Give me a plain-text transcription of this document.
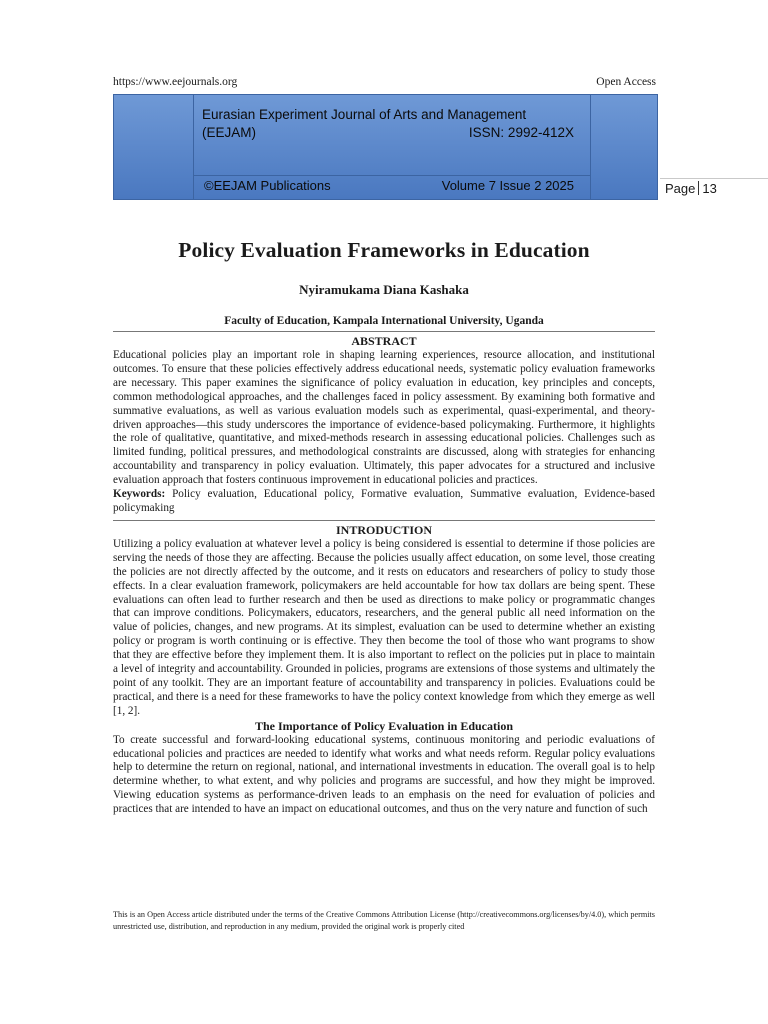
https://www.eejournals.org	Open Access
Eurasian Experiment Journal of Arts and Management
(EEJAM)	ISSN: 2992-412X
©EEJAM Publications	Volume 7 Issue 2 2025	Page 13
Policy Evaluation Frameworks in Education
Nyiramukama Diana Kashaka
Faculty of Education, Kampala International University, Uganda
ABSTRACT

Educational policies play an important role in shaping learning experiences, resource allocation, and institutional outcomes. To ensure that these policies effectively address educational needs, systematic policy evaluation frameworks are necessary. This paper examines the significance of policy evaluation in education, key principles and concepts, common methodological approaches, and the challenges faced in policy assessment. By examining both formative and summative evaluations, as well as various evaluation models such as experimental, quasi-experimental, and theory-driven approaches—this study underscores the importance of evidence-based policymaking. Furthermore, it highlights the role of qualitative, quantitative, and mixed-methods research in assessing educational policies. Challenges such as limited funding, political pressures, and methodological constraints are discussed, along with strategies for enhancing accountability and transparency in policy evaluation. Ultimately, this paper advocates for a structured and inclusive evaluation approach that fosters continuous improvement in educational policies and practices.

Keywords: Policy evaluation, Educational policy, Formative evaluation, Summative evaluation, Evidence-based policymaking

INTRODUCTION

Utilizing a policy evaluation at whatever level a policy is being considered is essential to determine if those policies are serving the needs of those they are affecting. Because the policies usually affect education, on some level, those creating the policies are not directly affected by the outcome, and it rests on educators and researchers of policy to study those effects. In a clear evaluation framework, policymakers are held accountable for how tax dollars are being spent. These evaluations can often lead to further research and then be used as directions to make policy or programmatic changes that can improve conditions. Policymakers, educators, researchers, and the general public all need information on the value of policies, changes, and new programs. At its simplest, evaluation can be used to determine whether an existing policy or program is worth continuing or is effective. They then become the tool of those who want programs to show that they are effective before they implement them. It is also important to reflect on the policies put in place to maintain a level of integrity and accountability. Grounded in policies, programs are extensions of those systems and ultimately the point of any toolkit. They are an important feature of accountability and transparency in policies. Evaluations could be practical, and there is a need for these frameworks to have the policy context knowledge from which they emerge as well [1, 2].

The Importance of Policy Evaluation in Education

To create successful and forward-looking educational systems, continuous monitoring and periodic evaluations of educational policies and practices are needed to identify what works and what needs reform. Regular policy evaluations help to determine the return on regional, national, and international investments in education. The overall goal is to help determine whether, to what extent, and why policies and programs are successful, and how they might be improved. Viewing education systems as performance-driven leads to an emphasis on the need for evaluation of policies and practices that are intended to have an impact on educational outcomes, and thus on the very nature and function of such

This is an Open Access article distributed under the terms of the Creative Commons Attribution License (http://creativecommons.org/licenses/by/4.0), which permits unrestricted use, distribution, and reproduction in any medium, provided the original work is properly cited
